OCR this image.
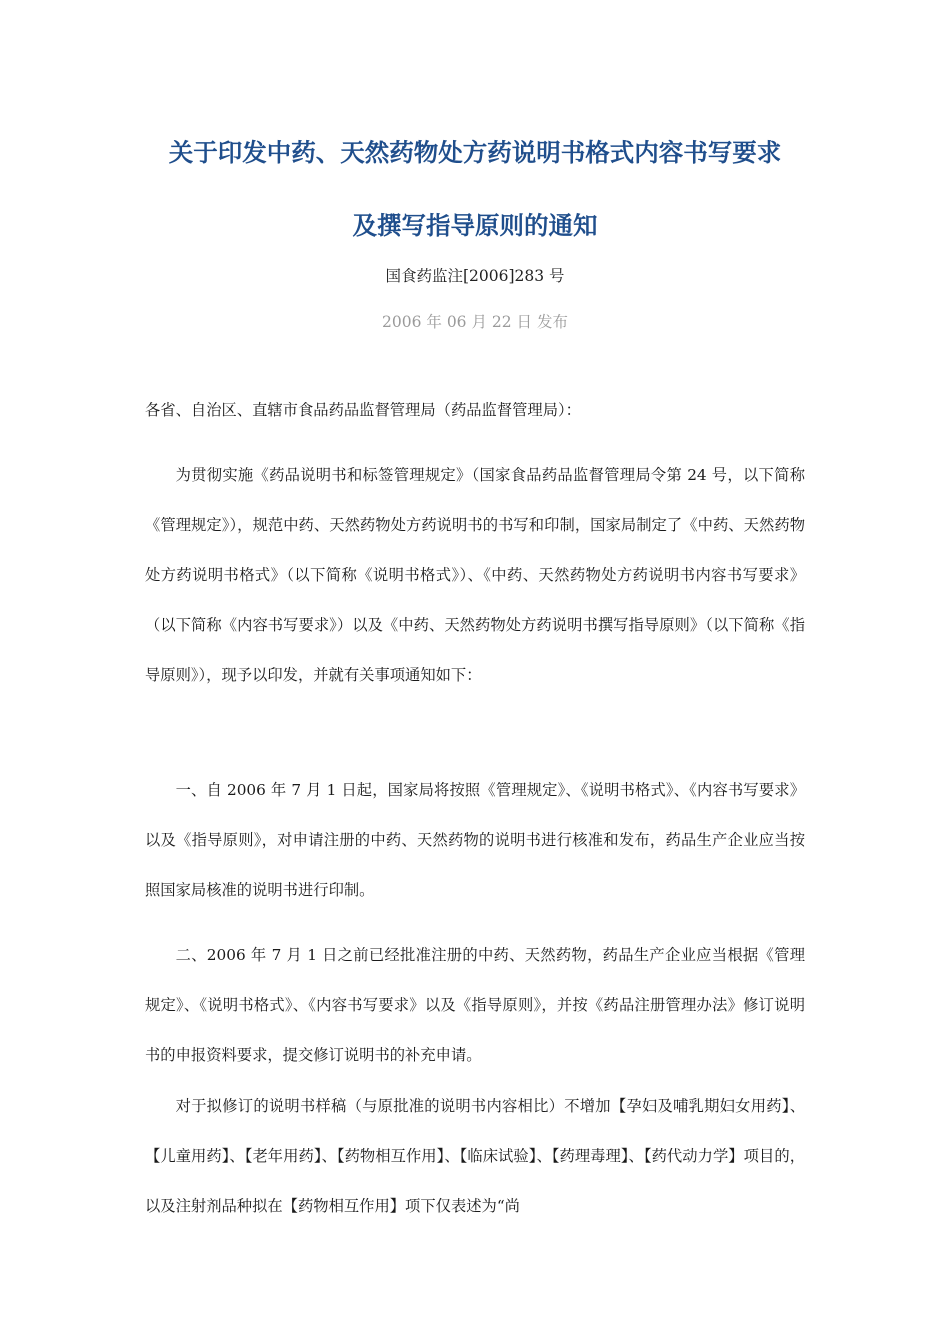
关于印发中药、天然药物处方药说明书格式内容书写要求
及撰写指导原则的通知
国食药监注[2006]283 号
2006 年 06 月 22 日 发布

各省、自治区、直辖市食品药品监督管理局（药品监督管理局）：

为贯彻实施《药品说明书和标签管理规定》（国家食品药品监督管理局令第 24 号，以下简称《管理规定》），规范中药、天然药物处方药说明书的书写和印制，国家局制定了《中药、天然药物处方药说明书格式》（以下简称《说明书格式》）、《中药、天然药物处方药说明书内容书写要求》（以下简称《内容书写要求》）以及《中药、天然药物处方药说明书撰写指导原则》（以下简称《指导原则》），现予以印发，并就有关事项通知如下：

一、自 2006 年 7 月 1 日起，国家局将按照《管理规定》、《说明书格式》、《内容书写要求》以及《指导原则》，对申请注册的中药、天然药物的说明书进行核准和发布，药品生产企业应当按照国家局核准的说明书进行印制。

二、2006 年 7 月 1 日之前已经批准注册的中药、天然药物，药品生产企业应当根据《管理规定》、《说明书格式》、《内容书写要求》以及《指导原则》，并按《药品注册管理办法》修订说明书的申报资料要求，提交修订说明书的补充申请。

对于拟修订的说明书样稿（与原批准的说明书内容相比）不增加【孕妇及哺乳期妇女用药】、【儿童用药】、【老年用药】、【药物相互作用】、【临床试验】、【药理毒理】、【药代动力学】项目的，以及注射剂品种拟在【药物相互作用】项下仅表述为“尚
